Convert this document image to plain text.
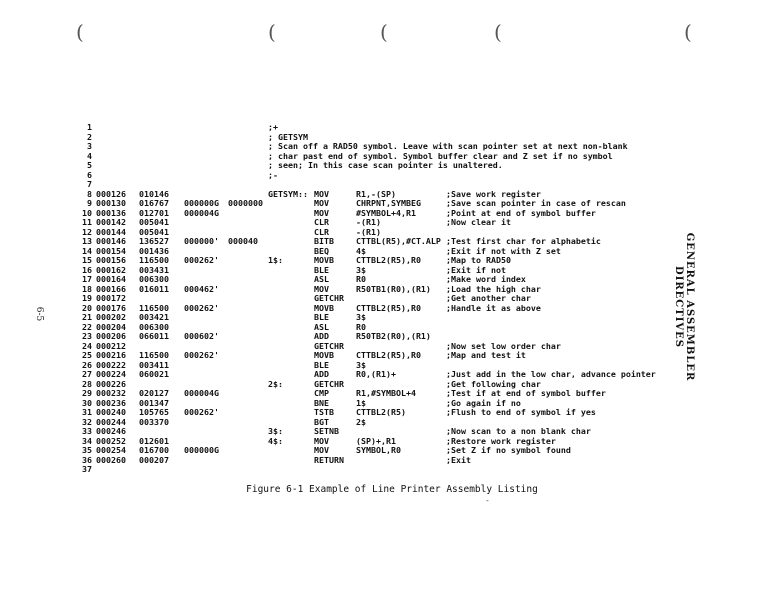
(	(	(	(	(
6-5	GENERAL ASSEMBLER DIRECTIVES
1	;+
2	; GETSYM
3	; Scan off a RAD50 symbol. Leave with scan pointer set at next non-blank
4	; char past end of symbol. Symbol buffer clear and Z set if no symbol
5	; seen; In this case scan pointer is unaltered.
6	;-
7
8 000126 010146	GETSYM:: MOV	R1,-(SP)	;Save work register
9 000130 016767 000000G 0000000	MOV	CHRPNT,SYMBEG	;Save scan pointer in case of rescan
10 000136 012701 000004G	MOV	#SYMBOL+4,R1	;Point at end of symbol buffer
11 000142 005041	CLR	-(R1)	;Now clear it
12 000144 005041	CLR	-(R1)
13 000146 136527 000000' 000040	BITB	CTTBL(R5),#CT.ALP ;Test first char for alphabetic
14 000154 001436	BEQ	4$	;Exit if not with Z set
15 000156 116500 000262'	1$:	MOVB	CTTBL2(R5),R0	;Map to RAD50
16 000162 003431	BLE	3$	;Exit if not
17 000164 006300	ASL	R0	;Make word index
18 000166 016011 000462'	MOV	R50TB1(R0),(R1) ;Load the high char
19 000172	GETCHR	;Get another char
20 000176 116500 000262'	MOVB	CTTBL2(R5),R0	;Handle it as above
21 000202 003421	BLE	3$
22 000204 006300	ASL	R0
23 000206 066011 000602'	ADD	R50TB2(R0),(R1)
24 000212	GETCHR	;Now set low order char
25 000216 116500 000262'	MOVB	CTTBL2(R5),R0	;Map and test it
26 000222 003411	BLE	3$
27 000224 060021	ADD	R0,(R1)+	;Just add in the low char, advance pointer
28 000226	2$:	GETCHR	;Get following char
29 000232 020127 000004G	CMP	R1,#SYMBOL+4	;Test if at end of symbol buffer
30 000236 001347	BNE	1$	;Go again if no
31 000240 105765 000262'	TSTB	CTTBL2(R5)	;Flush to end of symbol if yes
32 000244 003370	BGT	2$
33 000246	3$:	SETNB	;Now scan to a non blank char
34 000252 012601	4$:	MOV	(SP)+,R1	;Restore work register
35 000254 016700 000000G	MOV	SYMBOL,R0	;Set Z if no symbol found
36 000260 000207	RETURN	;Exit
37
Figure 6-1 Example of Line Printer Assembly Listing
-
